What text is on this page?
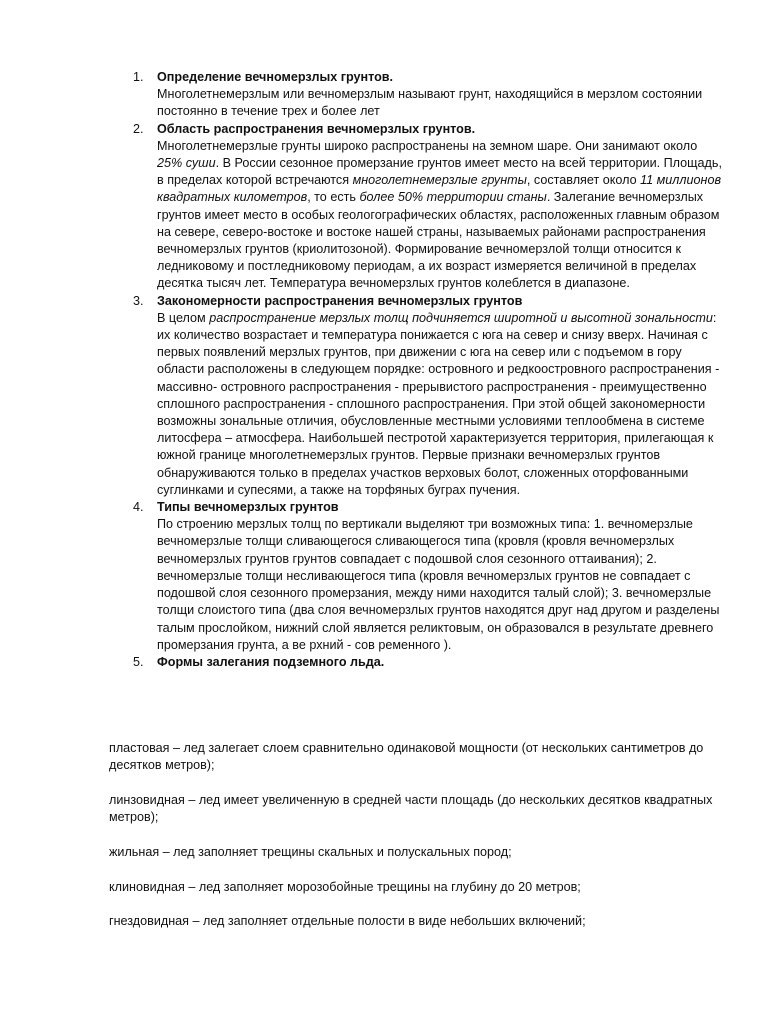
1. Определение вечномерзлых грунтов.
Многолетнемерзлым или вечномерзлым называют грунт, находящийся в мерзлом состоянии постоянно в течение трех и более лет
2. Область распространения вечномерзлых грунтов.
Многолетнемерзлые грунты широко распространены на земном шаре. Они занимают около 25% суши. В России сезонное промерзание грунтов имеет место на всей территории. Площадь, в пределах которой встречаются многолетнемерзлые грунты, составляет около 11 миллионов квадратных километров, то есть более 50% территории станы. Залегание вечномерзлых грунтов имеет место в особых геологографических областях, расположенных главным образом на севере, северо-востоке и востоке нашей страны, называемых районами распространения вечномерзлых грунтов (криолитозоной). Формирование вечномерзлой толщи относится к ледниковому и постледниковому периодам, а их возраст измеряется величиной в пределах десятка тысяч лет. Температура вечномерзлых грунтов колеблется в диапазоне.
3. Закономерности распространения вечномерзлых грунтов
В целом распространение мерзлых толщ подчиняется широтной и высотной зональности: их количество возрастает и температура понижается с юга на север и снизу вверх. Начиная с первых появлений мерзлых грунтов, при движении с юга на север или с подъемом в гору области расположены в следующем порядке: островного и редкоостровного распространения - массивно- островного распространения - прерывистого распространения - преимущественно сплошного распространения - сплошного распространения. При этой общей закономерности возможны зональные отличия, обусловленные местными условиями теплообмена в системе литосфера – атмосфера. Наибольшей пестротой характеризуется территория, прилегающая к южной границе многолетнемерзлых грунтов. Первые признаки вечномерзлых грунтов обнаруживаются только в пределах участков верховых болот, сложенных оторфованными суглинками и супесями, а также на торфяных буграх пучения.
4. Типы вечномерзлых грунтов
По строению мерзлых толщ по вертикали выделяют три возможных типа: 1. вечномерзлые вечномерзлые толщи сливающегося сливающегося типа (кровля (кровля вечномерзлых вечномерзлых грунтов грунтов совпадает с подошвой слоя сезонного оттаивания); 2. вечномерзлые толщи несливающегося типа (кровля вечномерзлых грунтов не совпадает с подошвой слоя сезонного промерзания, между ними находится талый слой); 3. вечномерзлые толщи слоистого типа (два слоя вечномерзлых грунтов находятся друг над другом и разделены талым прослойком, нижний слой является реликтовым, он образовался в результате древнего промерзания грунта, а ве рхний - сов ременного ).
5. Формы залегания подземного льда.

пластовая – лед залегает слоем сравнительно одинаковой мощности (от нескольких сантиметров до десятков метров);

линзовидная – лед имеет увеличенную в средней части площадь (до нескольких десятков квадратных метров);

жильная – лед заполняет трещины скальных и полускальных пород;

клиновидная – лед заполняет морозобойные трещины на глубину до 20 метров;

гнездовидная – лед заполняет отдельные полости в виде небольших включений;
